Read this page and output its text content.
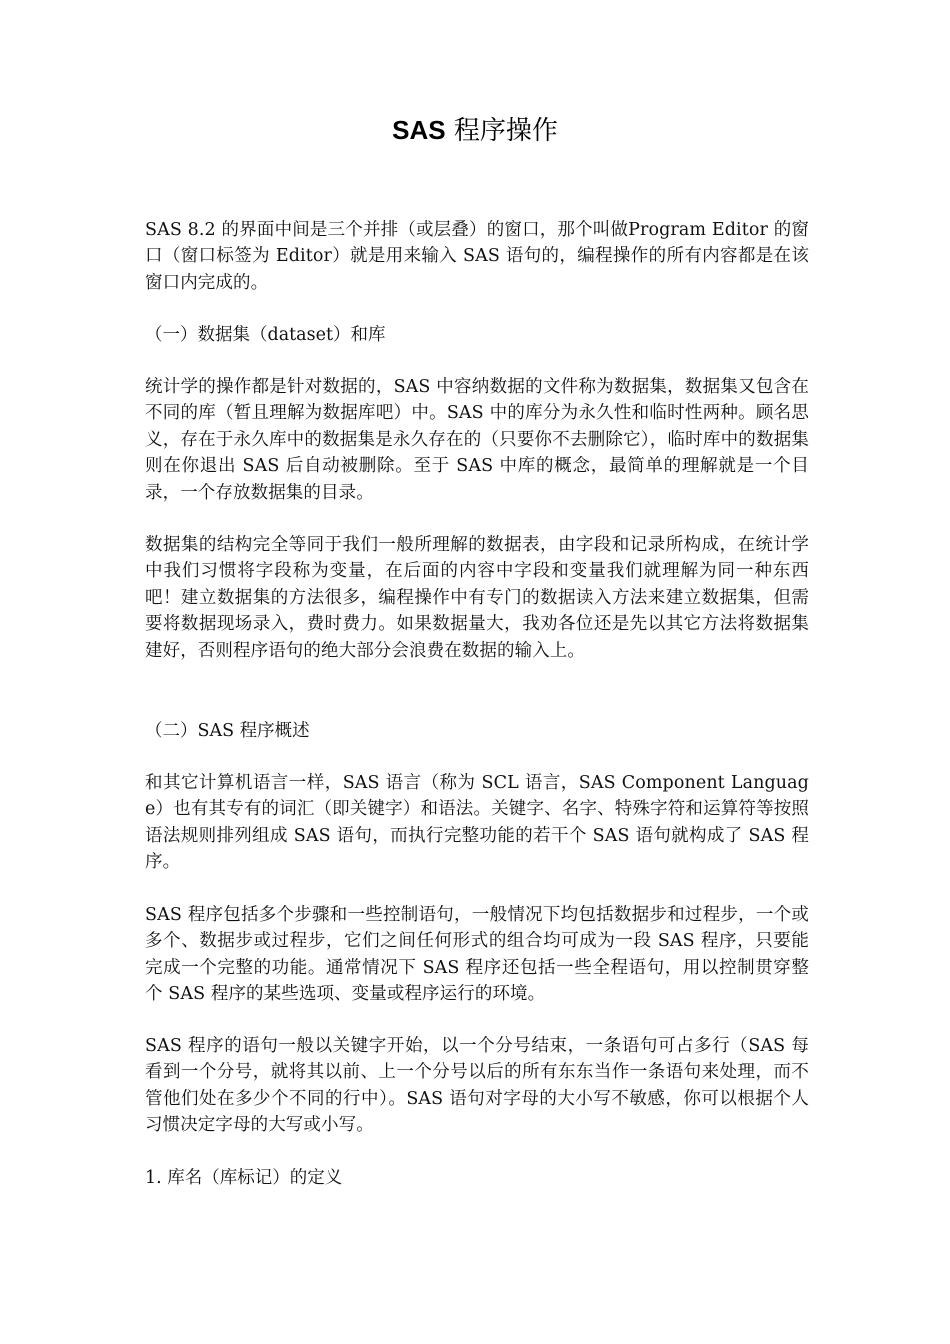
SAS 程序操作

SAS 8.2 的界面中间是三个并排（或层叠）的窗口，那个叫做Program Editor 的窗口（窗口标签为 Editor）就是用来输入 SAS 语句的，编程操作的所有内容都是在该窗口内完成的。

（一）数据集（dataset）和库

统计学的操作都是针对数据的，SAS 中容纳数据的文件称为数据集，数据集又包含在不同的库（暂且理解为数据库吧）中。SAS 中的库分为永久性和临时性两种。顾名思义，存在于永久库中的数据集是永久存在的（只要你不去删除它），临时库中的数据集则在你退出 SAS 后自动被删除。至于 SAS 中库的概念，最简单的理解就是一个目录，一个存放数据集的目录。

数据集的结构完全等同于我们一般所理解的数据表，由字段和记录所构成，在统计学中我们习惯将字段称为变量，在后面的内容中字段和变量我们就理解为同一种东西吧！建立数据集的方法很多，编程操作中有专门的数据读入方法来建立数据集，但需要将数据现场录入，费时费力。如果数据量大，我劝各位还是先以其它方法将数据集建好，否则程序语句的绝大部分会浪费在数据的输入上。

（二）SAS 程序概述

和其它计算机语言一样，SAS 语言（称为 SCL 语言，SAS Component Language）也有其专有的词汇（即关键字）和语法。关键字、名字、特殊字符和运算符等按照语法规则排列组成 SAS 语句，而执行完整功能的若干个 SAS 语句就构成了 SAS 程序。

SAS 程序包括多个步骤和一些控制语句，一般情况下均包括数据步和过程步，一个或多个、数据步或过程步，它们之间任何形式的组合均可成为一段 SAS 程序，只要能完成一个完整的功能。通常情况下 SAS 程序还包括一些全程语句，用以控制贯穿整个 SAS 程序的某些选项、变量或程序运行的环境。

SAS 程序的语句一般以关键字开始，以一个分号结束，一条语句可占多行（SAS 每看到一个分号，就将其以前、上一个分号以后的所有东东当作一条语句来处理，而不管他们处在多少个不同的行中）。SAS 语句对字母的大小写不敏感，你可以根据个人习惯决定字母的大写或小写。

1. 库名（库标记）的定义
